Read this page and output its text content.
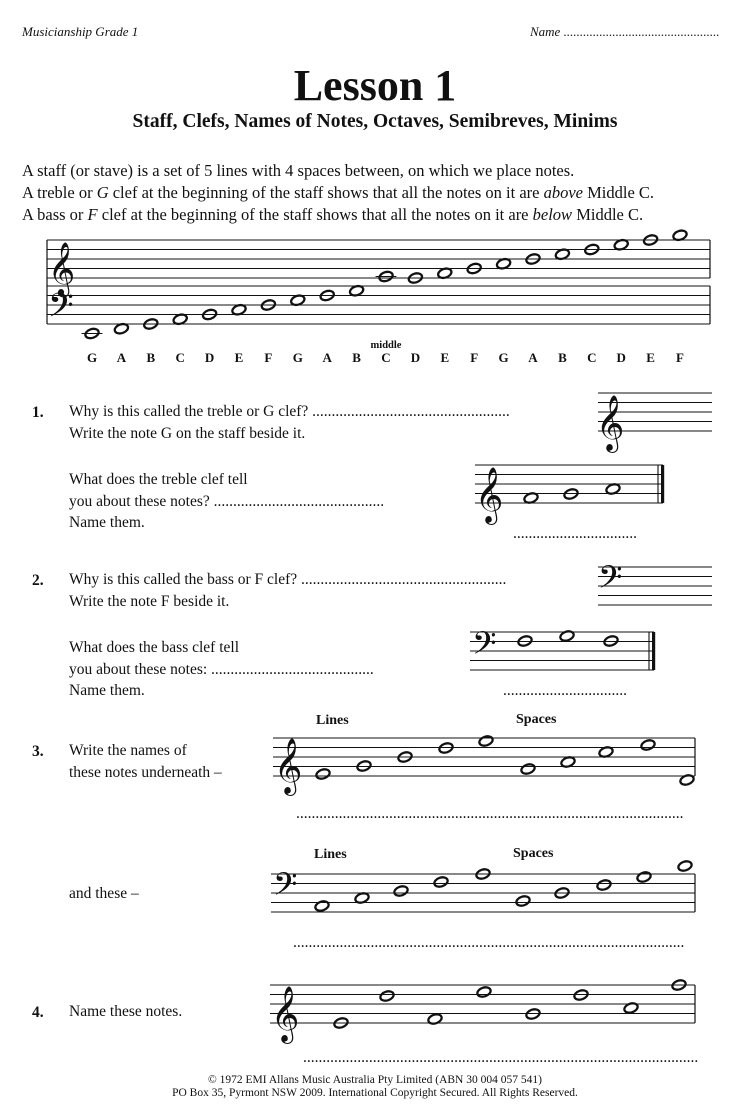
Musicianship Grade 1	Name ................................................
Lesson 1
Staff, Clefs, Names of Notes, Octaves, Semibreves, Minims
A staff (or stave) is a set of 5 lines with 4 spaces between, on which we place notes.
A treble or G clef at the beginning of the staff shows that all the notes on it are above Middle C.
A bass or F clef at the beginning of the staff shows that all the notes on it are below Middle C.
𝄞
𝄢
G A B C D E F G A B C D E F G A B C D E F
middle
𝄞
𝄞
𝄢
𝄢
𝄞
𝄢
𝄞
1. Why is this called the treble or G clef? ...................................................
Write the note G on the staff beside it.
What does the treble clef tell
you about these notes? ............................................
Name them.
................................
2. Why is this called the bass or F clef? .....................................................
Write the note F beside it.
What does the bass clef tell
you about these notes: ..........................................
Name them.	................................
3. Write the names of
these notes underneath –
Lines	Spaces
....................................................................................................
Lines	Spaces
and these –
.....................................................................................................
4. Name these notes.
......................................................................................................
© 1972 EMI Allans Music Australia Pty Limited (ABN 30 004 057 541)
PO Box 35, Pyrmont NSW 2009. International Copyright Secured. All Rights Reserved.
